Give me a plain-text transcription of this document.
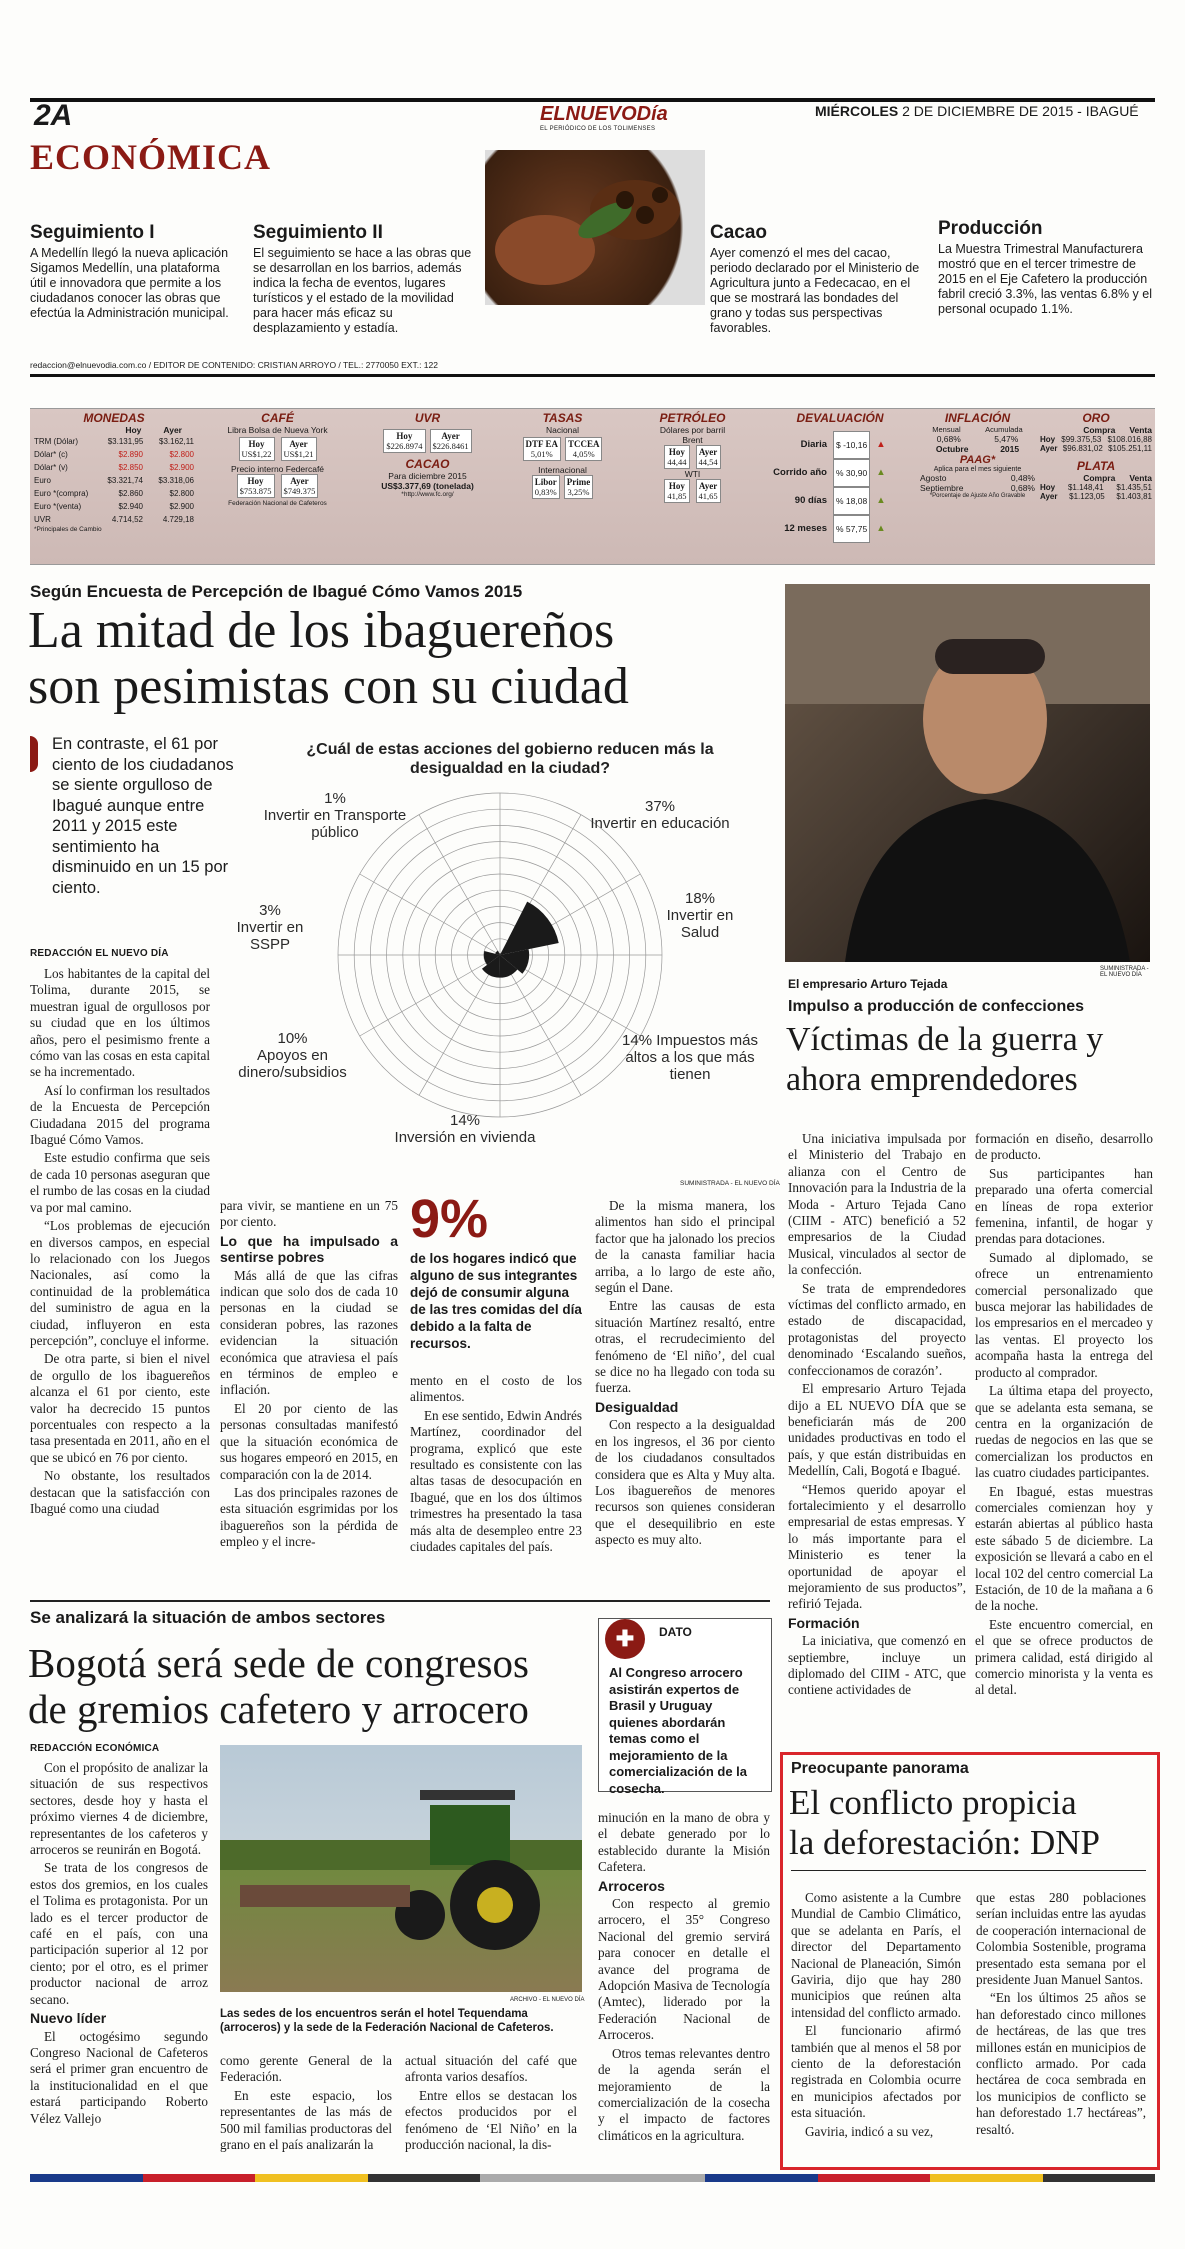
2A	ELNUEVODía
EL PERIÓDICO DE LOS TOLIMENSES
MIÉRCOLES 2 DE DICIEMBRE DE 2015 - IBAGUÉ
ECONÓMICA
Seguimiento I
A Medellín llegó la nueva aplicación Sigamos Medellín, una plataforma útil e innovadora que permite a los ciudadanos conocer las obras que efectúa la Administración municipal.
Seguimiento II
El seguimiento se hace a las obras que se desarrollan en los barrios, además indica la fecha de eventos, lugares turísticos y el estado de la movilidad para hacer más eficaz su desplazamiento y estadía.
Cacao
Ayer comenzó el mes del cacao, periodo declarado por el Ministerio de Agricultura junto a Fedecacao, en el que se mostrará las bondades del grano y todas sus perspectivas favorables.
Producción
La Muestra Trimestral Manufacturera mostró que en el tercer trimestre de 2015 en el Eje Cafetero la producción fabril creció 3.3%, las ventas 6.8% y el personal ocupado 1.1%.
redaccion@elnuevodia.com.co / EDITOR DE CONTENIDO: CRISTIAN ARROYO / TEL.: 2770050 EXT.: 122
MONEDAS
Hoy	Ayer
TRM (Dólar)	$3.131,95 $3.162,11
Dólar* (c)	$2.890	$2.800
Dólar* (v)	$2.850	$2.900
Euro	$3.321,74 $3.318,06
Euro *(compra)	$2.860	$2.800
Euro *(venta)	$2.940	$2.900
UVR	4.714,52 4.729,18
*Principales de Cambio
CAFÉ
Libra Bolsa de Nueva York
Hoy
US$1,22
Ayer
US$1,21
Precio interno Federcafé
Hoy
$753.875
Ayer
$749.375
Federación Nacional de Cafeteros
UVR
Hoy
$226.8974
Ayer
$226.8461
CACAO
Para diciembre 2015
US$3.377,69 (tonelada)
*http://www.fc.org/
TASAS
Nacional
DTF EA
5,01%
TCCEA
4,05%
Internacional
Libor
0,83%
Prime
3,25%
PETRÓLEO
Dólares por barril
Brent
Hoy
44,44
Ayer
44,54
WTI
Hoy
41,85
Ayer
41,65
DEVALUACIÓN
Diaria	$ -10,16 ▲
Corrido año	% 30,90 ▲
90 días	% 18,08 ▲
12 meses	% 57,75 ▲
INFLACIÓN
Mensual	Acumulada
0,68%	5,47%
Octubre	2015
PAAG*
Aplica para el mes siguiente
Agosto	0,48%
Septiembre	0,68%
*Porcentaje de Ajuste Año Gravable
ORO
Compra Venta
Hoy $99.375,53 $108.016,88
Ayer $96.831,02 $105.251,11
PLATA
Compra Venta
Hoy $1.148,41 $1.435,51
Ayer $1.123,05 $1.403,81
Según Encuesta de Percepción de Ibagué Cómo Vamos 2015
La mitad de los ibaguereños
son pesimistas con su ciudad
En contraste, el 61 por ciento de los ciudadanos se siente orgulloso de Ibagué aunque entre 2011 y 2015 este sentimiento ha disminuido en un 15 por ciento.
¿Cuál de estas acciones del gobierno reducen más la desigualdad en la ciudad?
1%
Invertir en Transporte público
37%
Invertir en educación
3%
Invertir en SSPP
18%
Invertir en Salud
10%
Apoyos en dinero/subsidios
14% Impuestos más altos a los que más tienen
14%
Inversión en vivienda
SUMINISTRADA - EL NUEVO DÍA
REDACCIÓN EL NUEVO DÍA

Los habitantes de la capital del Tolima, durante 2015, se muestran igual de orgullosos por su ciudad que en los últimos años, pero el pesimismo frente a cómo van las cosas en esta capital se ha incrementado.

Así lo confirman los resultados de la Encuesta de Percepción Ciudadana 2015 del programa Ibagué Cómo Vamos.

Este estudio confirma que seis de cada 10 personas aseguran que el rumbo de las cosas en la ciudad va por mal camino.

“Los problemas de ejecución en diversos campos, en especial lo relacionado con los Juegos Nacionales, así como la continuidad de la problemática del suministro de agua en la ciudad, influyeron en esta percepción”, concluye el informe.

De otra parte, si bien el nivel de orgullo de los ibaguereños alcanza el 61 por ciento, este valor ha decrecido 15 puntos porcentuales con respecto a la tasa presentada en 2011, año en el que se ubicó en 76 por ciento.

No obstante, los resultados destacan que la satisfacción con Ibagué como una ciudad

para vivir, se mantiene en un 75 por ciento.

Lo que ha impulsado a sentirse pobres

Más allá de que las cifras indican que solo dos de cada 10 personas en la ciudad se consideran pobres, las razones evidencian la situación económica que atraviesa el país en términos de empleo e inflación.

El 20 por ciento de las personas consultadas manifestó que la situación económica de sus hogares empeoró en 2015, en comparación con la de 2014.

Las dos principales razones de esta situación esgrimidas por los ibaguereños son la pérdida de empleo y el incre-

9%
de los hogares indicó que alguno de sus integrantes dejó de consumir alguna de las tres comidas del día debido a la falta de recursos.

mento en el costo de los alimentos.

En ese sentido, Edwin Andrés Martínez, coordinador del programa, explicó que este resultado es consistente con las altas tasas de desocupación en Ibagué, que en los dos últimos trimestres ha presentado la tasa más alta de desempleo entre 23 ciudades capitales del país.

De la misma manera, los alimentos han sido el principal factor que ha jalonado los precios de la canasta familiar hacia arriba, a lo largo de este año, según el Dane.

Entre las causas de esta situación Martínez resaltó, entre otras, el recrudecimiento del fenómeno de ‘El niño’, del cual se dice no ha llegado con toda su fuerza.

Desigualdad

Con respecto a la desigualdad en los ingresos, el 36 por ciento de los ciudadanos consultados considera que es Alta y Muy alta. Los ibaguereños de menores recursos son quienes consideran que el desequilibrio en este aspecto es muy alto.

SUMINISTRADA - EL NUEVO DÍA
El empresario Arturo Tejada
Impulso a producción de confecciones
Víctimas de la guerra y
ahora emprendedores

Una iniciativa impulsada por el Ministerio del Trabajo en alianza con el Centro de Innovación para la Industria de la Moda - Arturo Tejada Cano (CIIM - ATC) benefició a 52 empresarios de la Ciudad Musical, vinculados al sector de la confección.

Se trata de emprendedores víctimas del conflicto armado, en estado de discapacidad, protagonistas del proyecto denominado ‘Escalando sueños, confeccionamos de corazón’.

El empresario Arturo Tejada dijo a EL NUEVO DÍA que se beneficiarán más de 200 unidades productivas en todo el país, y que están distribuidas en Medellín, Cali, Bogotá e Ibagué.

“Hemos querido apoyar el fortalecimiento y el desarrollo empresarial de estas empresas. Y lo más importante para el Ministerio es tener la oportunidad de apoyar el mejoramiento de sus productos”, refirió Tejada.

Formación

La iniciativa, que comenzó en septiembre, incluye un diplomado del CIIM - ATC, que contiene actividades de

formación en diseño, desarrollo de producto.

Sus participantes han preparado una oferta comercial en líneas de ropa exterior femenina, infantil, de hogar y prendas para dotaciones.

Sumado al diplomado, se ofrece un entrenamiento comercial personalizado que busca mejorar las habilidades de los empresarios en el mercadeo y las ventas. El proyecto los acompaña hasta la entrega del producto al comprador.

La última etapa del proyecto, que se adelanta esta semana, se centra en la organización de ruedas de negocios en las que se comercializan los productos en las cuatro ciudades participantes.

En Ibagué, estas muestras comerciales comienzan hoy y estarán abiertas al público hasta este sábado 5 de diciembre. La exposición se llevará a cabo en el local 102 del centro comercial La Estación, de 10 de la mañana a 6 de la noche.

Este encuentro comercial, en el que se ofrece productos de primera calidad, está dirigido al comercio minorista y la venta es al detal.

Se analizará la situación de ambos sectores
Bogotá será sede de congresos
de gremios cafetero y arrocero
REDACCIÓN ECONÓMICA

Con el propósito de analizar la situación de sus respectivos sectores, desde hoy y hasta el próximo viernes 4 de diciembre, representantes de los cafeteros y arroceros se reunirán en Bogotá.

Se trata de los congresos de estos dos gremios, en los cuales el Tolima es protagonista. Por un lado es el tercer productor de café en el país, con una participación superior al 12 por ciento; por el otro, es el primer productor nacional de arroz secano.

Nuevo líder

El octogésimo segundo Congreso Nacional de Cafeteros será el primer gran encuentro de la institucionalidad en el que estará participando Roberto Vélez Vallejo

ARCHIVO - EL NUEVO DÍA
Las sedes de los encuentros serán el hotel Tequendama (arroceros) y la sede de la Federación Nacional de Cafeteros.

como gerente General de la Federación.

En este espacio, los representantes de las más de 500 mil familias productoras del grano en el país analizarán la

actual situación del café que afronta varios desafíos.

Entre ellos se destacan los efectos producidos por el fenómeno de ‘El Niño’ en la producción nacional, la dis-

✚	DATO
Al Congreso arrocero asistirán expertos de Brasil y Uruguay quienes abordarán temas como el mejoramiento de la comercialización de la cosecha.

minución en la mano de obra y el debate generado por lo establecido durante la Misión Cafetera.

Arroceros

Con respecto al gremio arrocero, el 35° Congreso Nacional del gremio servirá para conocer en detalle el avance del programa de Adopción Masiva de Tecnología (Amtec), liderado por la Federación Nacional de Arroceros.

Otros temas relevantes dentro de la agenda serán el mejoramiento de la comercialización de la cosecha y el impacto de factores climáticos en la agricultura.

Preocupante panorama
El conflicto propicia
la deforestación: DNP

Como asistente a la Cumbre Mundial de Cambio Climático, que se adelanta en París, el director del Departamento Nacional de Planeación, Simón Gaviria, dijo que hay 280 municipios que reúnen alta intensidad del conflicto armado.

El funcionario afirmó también que al menos el 58 por ciento de la deforestación registrada en Colombia ocurre en municipios afectados por esta situación.

Gaviria, indicó a su vez,

que estas 280 poblaciones serían incluidas entre las ayudas de cooperación internacional de Colombia Sostenible, programa presentado esta semana por el presidente Juan Manuel Santos.

“En los últimos 25 años se han deforestado cinco millones de hectáreas, de las que tres millones están en municipios de conflicto armado. Por cada hectárea de coca sembrada en los municipios de conflicto se han deforestado 1.7 hectáreas”, resaltó.
